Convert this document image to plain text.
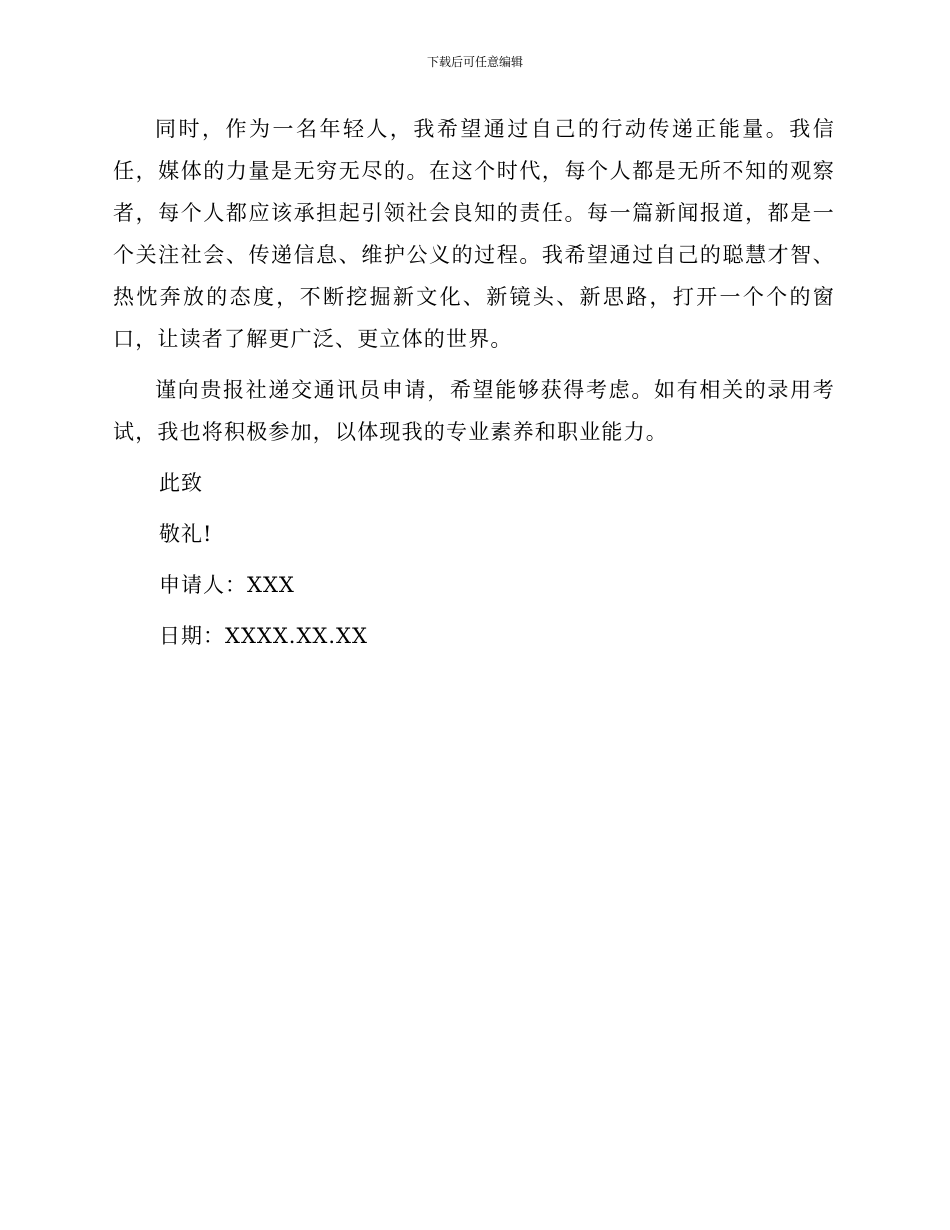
下载后可任意编辑

同时，作为一名年轻人，我希望通过自己的行动传递正能量。我信任，媒体的力量是无穷无尽的。在这个时代，每个人都是无所不知的观察者，每个人都应该承担起引领社会良知的责任。每一篇新闻报道，都是一个关注社会、传递信息、维护公义的过程。我希望通过自己的聪慧才智、热忱奔放的态度，不断挖掘新文化、新镜头、新思路，打开一个个的窗口，让读者了解更广泛、更立体的世界。

谨向贵报社递交通讯员申请，希望能够获得考虑。如有相关的录用考试，我也将积极参加，以体现我的专业素养和职业能力。

此致

敬礼!

申请人：XXX

日期：XXXX.XX.XX
